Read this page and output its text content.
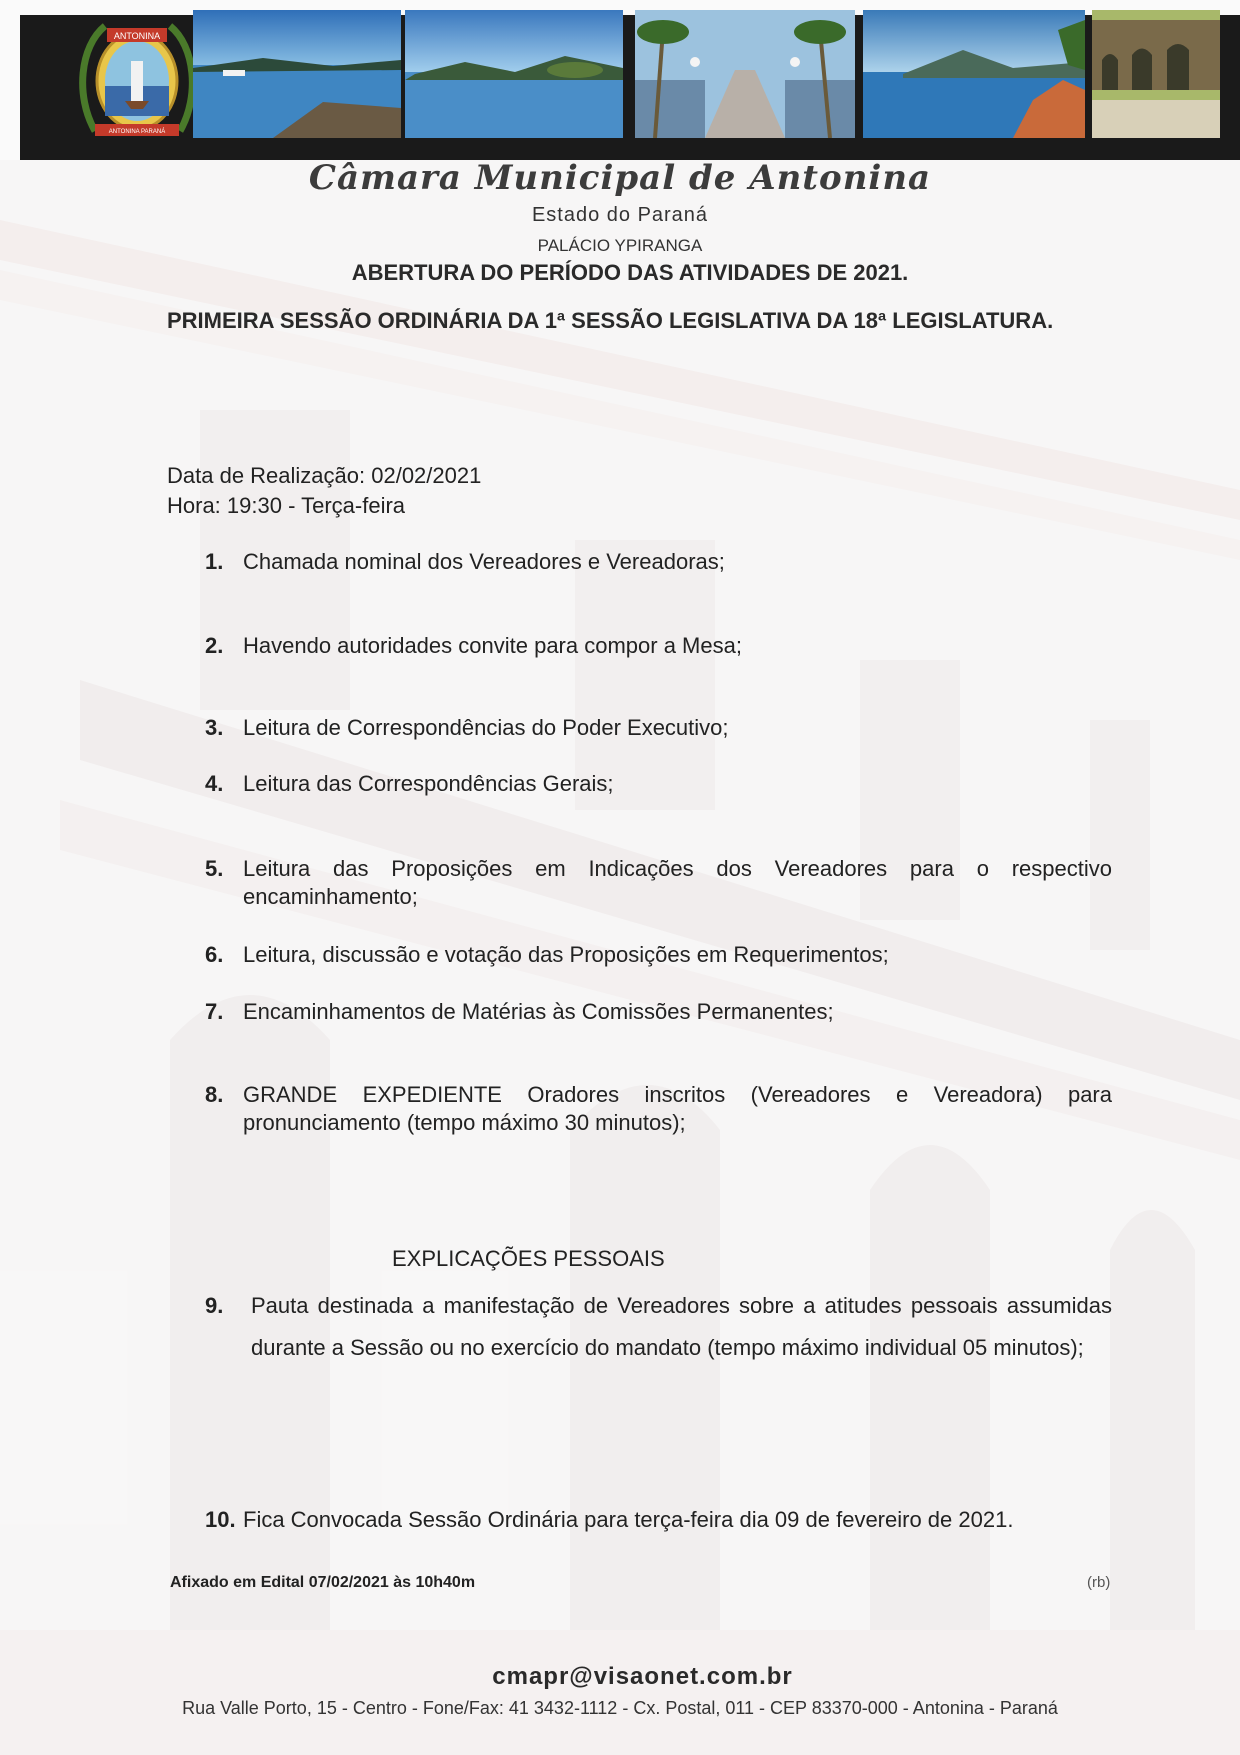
ANTONINA
ANTONINA PARANÁ
Câmara Municipal de Antonina
Estado do Paraná
PALÁCIO YPIRANGA
ABERTURA DO PERÍODO DAS ATIVIDADES DE 2021.
PRIMEIRA SESSÃO ORDINÁRIA DA 1ª SESSÃO LEGISLATIVA DA 18ª LEGISLATURA.
Data de Realização: 02/02/2021
Hora: 19:30 - Terça-feira
1. Chamada nominal dos Vereadores e Vereadoras;
2. Havendo autoridades convite para compor a Mesa;
3. Leitura de Correspondências do Poder Executivo;
4. Leitura das Correspondências Gerais;
5. Leitura das Proposições em Indicações dos Vereadores para o respectivo encaminhamento;
6. Leitura, discussão e votação das Proposições em Requerimentos;
7. Encaminhamentos de Matérias às Comissões Permanentes;
8. GRANDE EXPEDIENTE Oradores inscritos (Vereadores e Vereadora) para pronunciamento (tempo máximo 30 minutos);
EXPLICAÇÕES PESSOAIS
9. Pauta destinada a manifestação de Vereadores sobre a atitudes pessoais assumidas durante a Sessão ou no exercício do mandato (tempo máximo individual 05 minutos);
10. Fica Convocada Sessão Ordinária para terça-feira dia 09 de fevereiro de 2021.
Afixado em Edital 07/02/2021 às 10h40m	(rb)
cmapr@visaonet.com.br
Rua Valle Porto, 15 - Centro - Fone/Fax: 41 3432-1112 - Cx. Postal, 011 - CEP 83370-000 - Antonina - Paraná
